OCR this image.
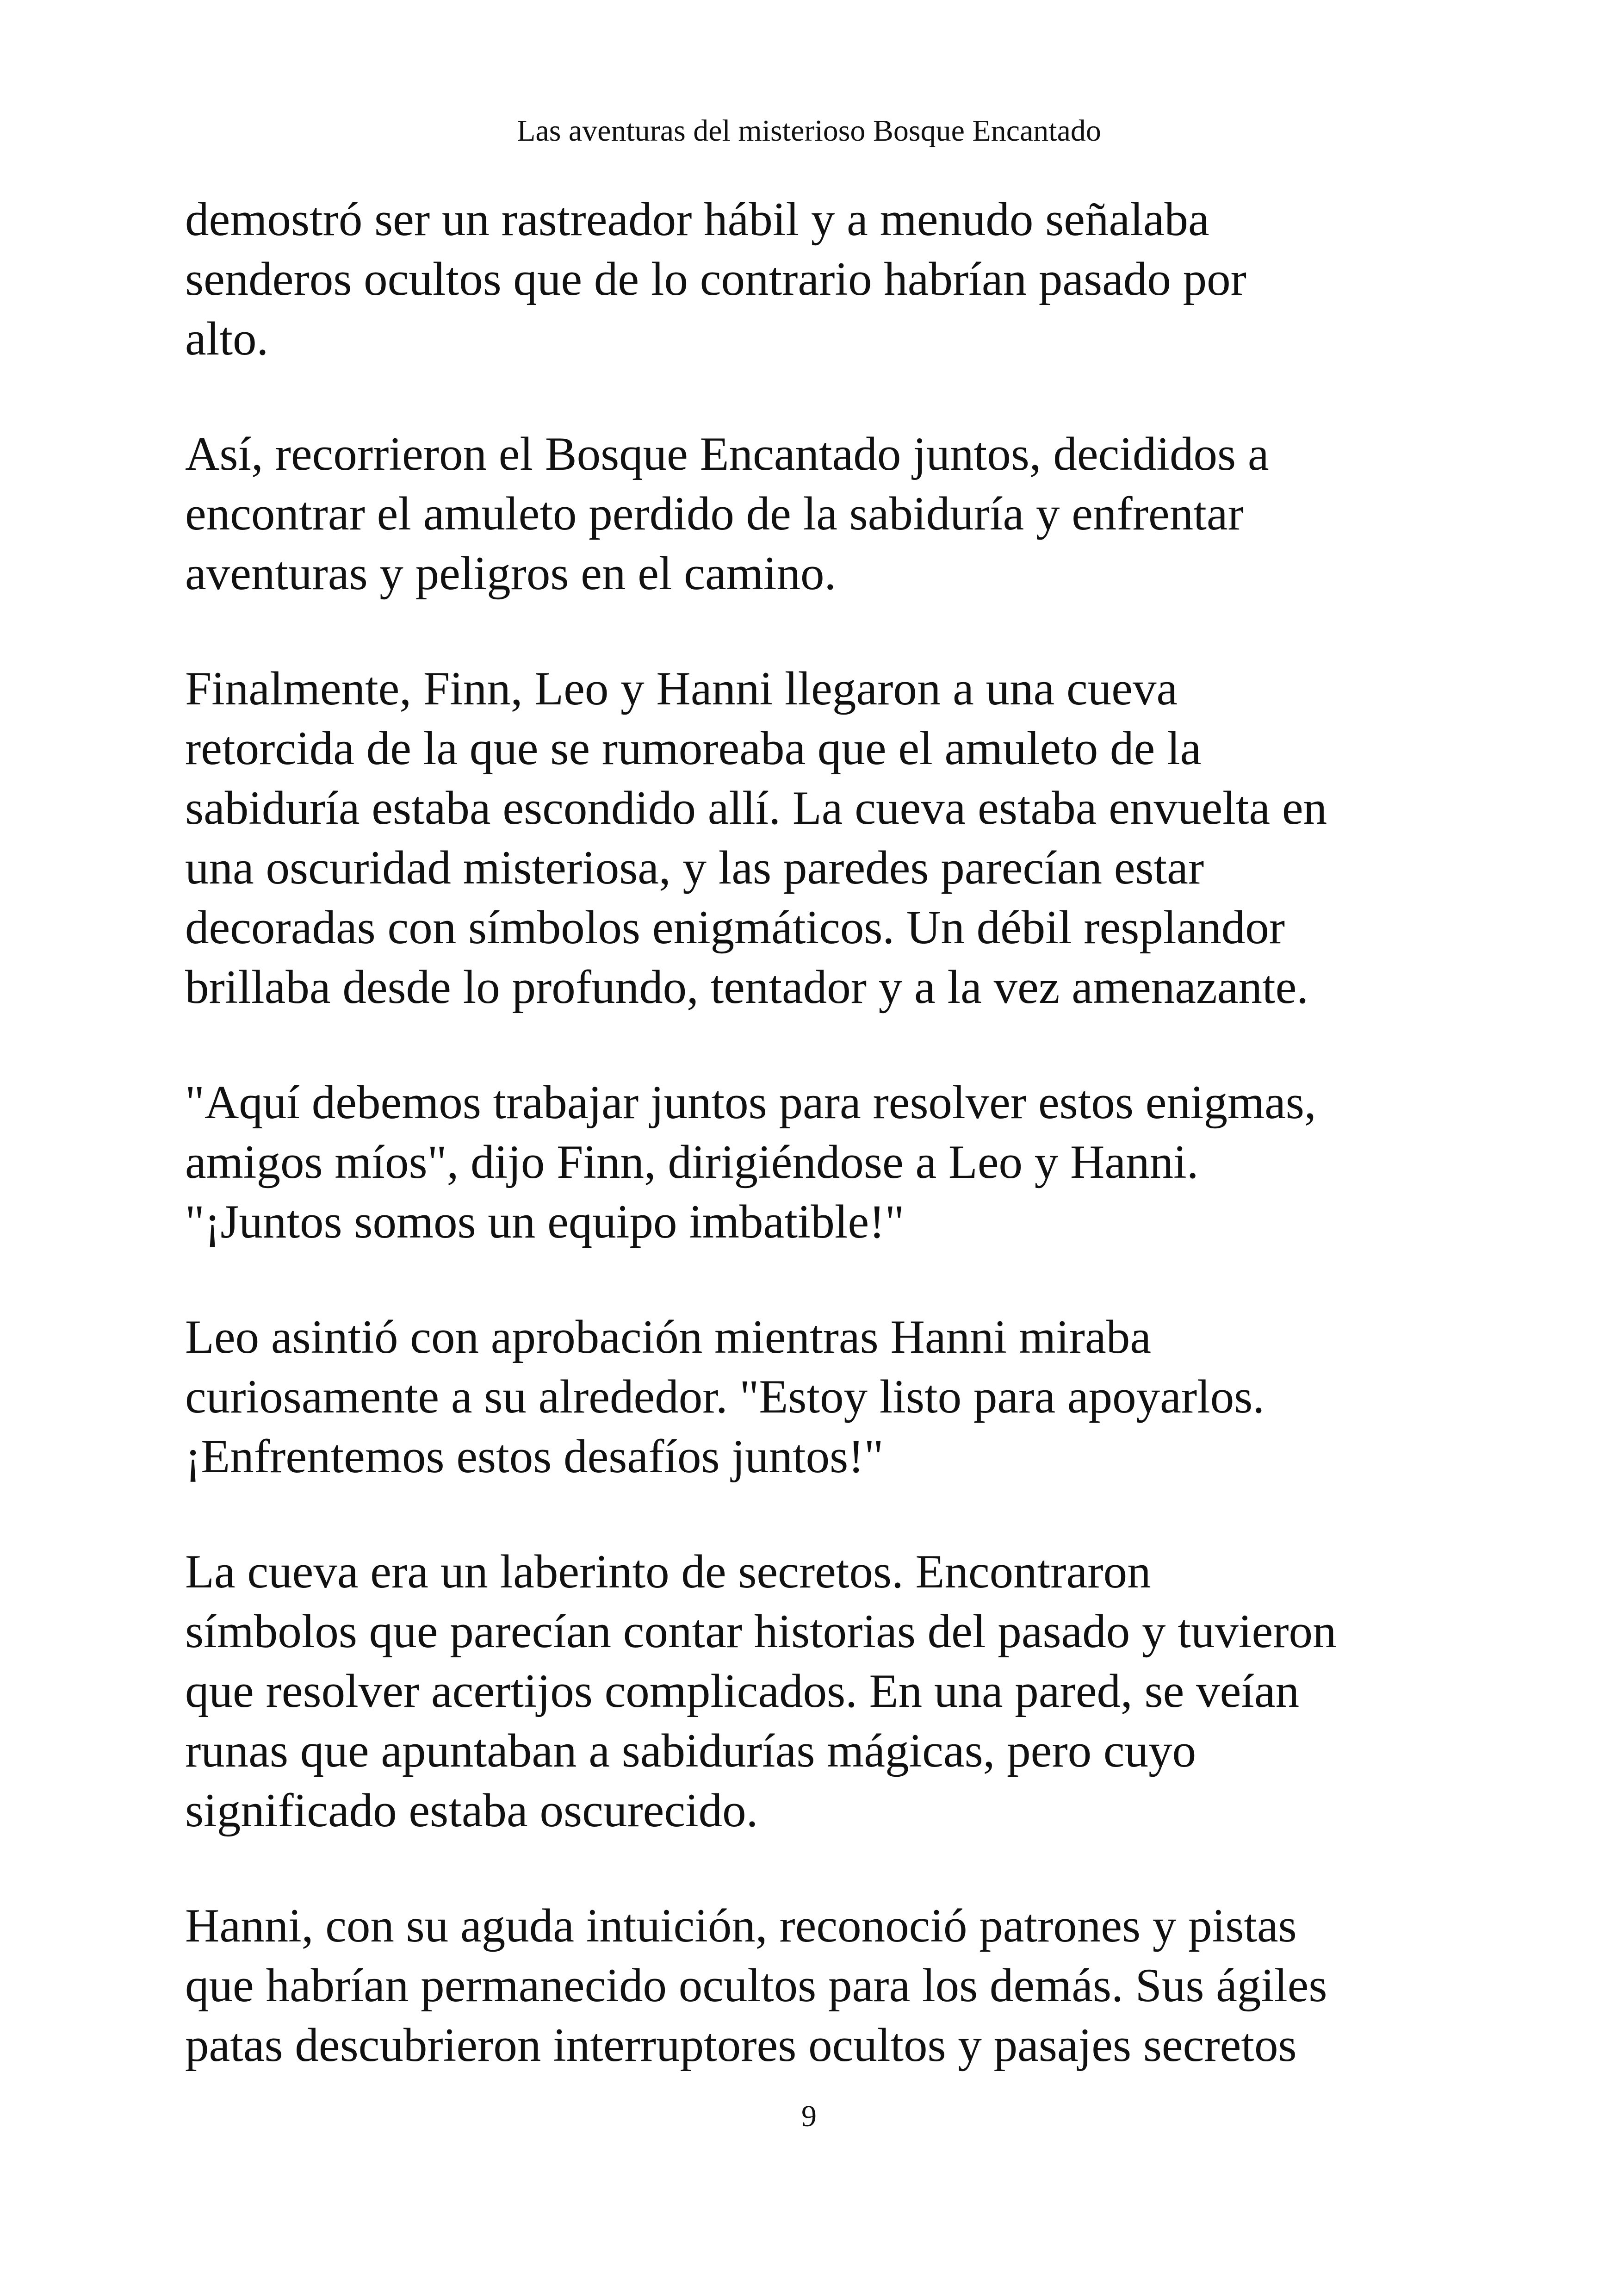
Las aventuras del misterioso Bosque Encantado

demostró ser un rastreador hábil y a menudo señalaba
senderos ocultos que de lo contrario habrían pasado por
alto.

Así, recorrieron el Bosque Encantado juntos, decididos a
encontrar el amuleto perdido de la sabiduría y enfrentar
aventuras y peligros en el camino.

Finalmente, Finn, Leo y Hanni llegaron a una cueva
retorcida de la que se rumoreaba que el amuleto de la
sabiduría estaba escondido allí. La cueva estaba envuelta en
una oscuridad misteriosa, y las paredes parecían estar
decoradas con símbolos enigmáticos. Un débil resplandor
brillaba desde lo profundo, tentador y a la vez amenazante.

"Aquí debemos trabajar juntos para resolver estos enigmas,
amigos míos", dijo Finn, dirigiéndose a Leo y Hanni.
"¡Juntos somos un equipo imbatible!"

Leo asintió con aprobación mientras Hanni miraba
curiosamente a su alrededor. "Estoy listo para apoyarlos.
¡Enfrentemos estos desafíos juntos!"

La cueva era un laberinto de secretos. Encontraron
símbolos que parecían contar historias del pasado y tuvieron
que resolver acertijos complicados. En una pared, se veían
runas que apuntaban a sabidurías mágicas, pero cuyo
significado estaba oscurecido.

Hanni, con su aguda intuición, reconoció patrones y pistas
que habrían permanecido ocultos para los demás. Sus ágiles
patas descubrieron interruptores ocultos y pasajes secretos

9
